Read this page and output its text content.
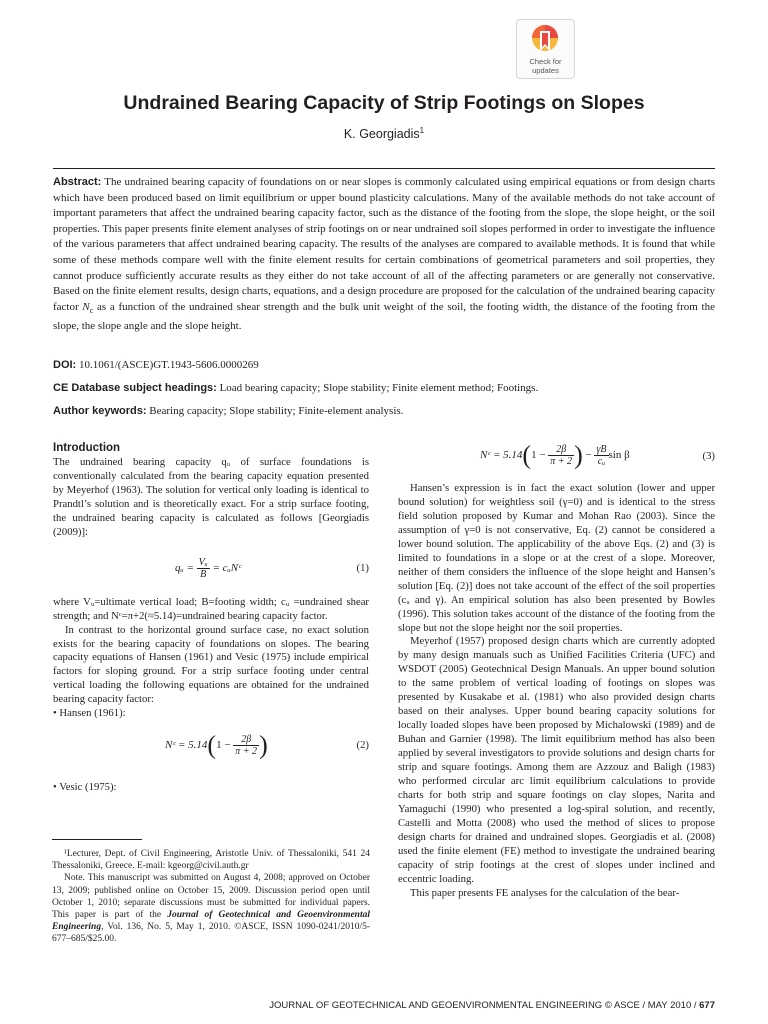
Check for
updates
Undrained Bearing Capacity of Strip Footings on Slopes
K. Georgiadis$^1$

Abstract: The undrained bearing capacity of foundations on or near slopes is commonly calculated using empirical equations or from design charts which have been produced based on limit equilibrium or upper bound plasticity calculations. Many of the available methods do not take account of important parameters that affect the undrained bearing capacity factor, such as the distance of the footing from the slope, the slope height, or the soil properties. This paper presents finite element analyses of strip footings on or near undrained soil slopes performed in order to investigate the influence of the various parameters that affect undrained bearing capacity. The results of the analyses are compared to available methods. It is found that while some of these methods compare well with the finite element results for certain combinations of geometrical parameters and soil properties, they cannot produce sufficiently accurate results as they either do not take account of all of the affecting parameters or are generally not conservative. Based on the finite element results, design charts, equations, and a design procedure are proposed for the calculation of the undrained bearing capacity factor $N_c$ as a function of the undrained shear strength and the bulk unit weight of the soil, the footing width, the distance of the footing from the slope, the slope angle and the slope height.

DOI: 10.1061/(ASCE)GT.1943-5606.0000269

CE Database subject headings: Load bearing capacity; Slope stability; Finite element method; Footings.

Author keywords: Bearing capacity; Slope stability; Finite-element analysis.

Introduction

The undrained bearing capacity qᵤ of surface foundations is conventionally calculated from the bearing capacity equation presented by Meyerhof (1963). The solution for vertical only loading is identical to Prandtl’s solution and is theoretically exact. For a strip surface footing, the undrained bearing capacity is calculated as follows [Georgiadis (2009)]:

qᵤ = $\frac{\text{Vᵤ}}{B}$ = cᵤNᶜ	(1)

where Vᵤ=ultimate vertical load; B=footing width; cᵤ =undrained shear strength; and Nᶜ=π+2(≈5.14)=undrained bearing capacity factor.

In contrast to the horizontal ground surface case, no exact solution exists for the bearing capacity of foundations on slopes. The bearing capacity equations of Hansen (1961) and Vesic (1975) include empirical factors for sloping ground. For a strip surface footing under central vertical loading the following equations are obtained for the undrained bearing capacity factor:

• Hansen (1961):

Nᶜ = $5.14(1 - \frac{2\beta}{\pi + 2}$ )	(2)

• Vesic (1975):

¹Lecturer, Dept. of Civil Engineering, Aristotle Univ. of Thessaloniki, 541 24 Thessaloniki, Greece. E-mail: kgeorg@civil.auth.gr

Note. This manuscript was submitted on August 4, 2008; approved on October 13, 2009; published online on October 15, 2009. Discussion period open until October 1, 2010; separate discussions must be submitted for individual papers. This paper is part of the Journal of Geotechnical and Geoenvironmental Engineering, Vol. 136, No. 5, May 1, 2010. ©ASCE, ISSN 1090-0241/2010/5-677–685/$25.00.

Nᶜ = $5.14(1 - \frac{2\beta}{\pi + 2}$ ) − $\frac{\gamma B}{\text{cᵤ}}$ sin β	(3)

Hansen’s expression is in fact the exact solution (lower and upper bound solution) for weightless soil (γ=0) and is identical to the stress field solution proposed by Kumar and Mohan Rao (2003). Since the assumption of γ=0 is not conservative, Eq. (2) cannot be considered a lower bound solution. The applicability of the above Eqs. (2) and (3) is limited to foundations in a slope or at the crest of a slope. Moreover, neither of them considers the influence of the slope height and Hansen’s solution [Eq. (2)] does not take account of the effect of the soil properties (cᵤ and γ). An empirical solution has also been presented by Bowles (1996). This solution takes account of the distance of the footing from the slope but not the slope height nor the soil properties.

Meyerhof (1957) proposed design charts which are currently adopted by many design manuals such as Unified Facilities Criteria (UFC) and WSDOT (2005) Geotechnical Design Manuals. An upper bound solution to the same problem of vertical loading of footings on slopes was presented by Kusakabe et al. (1981) who also provided design charts based on their analyses. Upper bound bearing capacity solutions for locally loaded slopes have been proposed by Michalowski (1989) and de Buhan and Garnier (1998). The limit equilibrium method has also been applied by several investigators to provide solutions and design charts for strip and square footings. Among them are Azzouz and Baligh (1983) who performed circular arc limit equilibrium calculations to provide charts for both strip and square footings on clay slopes, Narita and Yamaguchi (1990) who presented a log-spiral solution, and recently, Castelli and Motta (2008) who used the method of slices to propose design charts for drained and undrained slopes. Georgiadis et al. (2008) used the finite element (FE) method to investigate the undrained bearing capacity of strip footings at the crest of slopes under inclined and eccentric loading.

This paper presents FE analyses for the calculation of the bear-

JOURNAL OF GEOTECHNICAL AND GEOENVIRONMENTAL ENGINEERING © ASCE / MAY 2010 / 677
